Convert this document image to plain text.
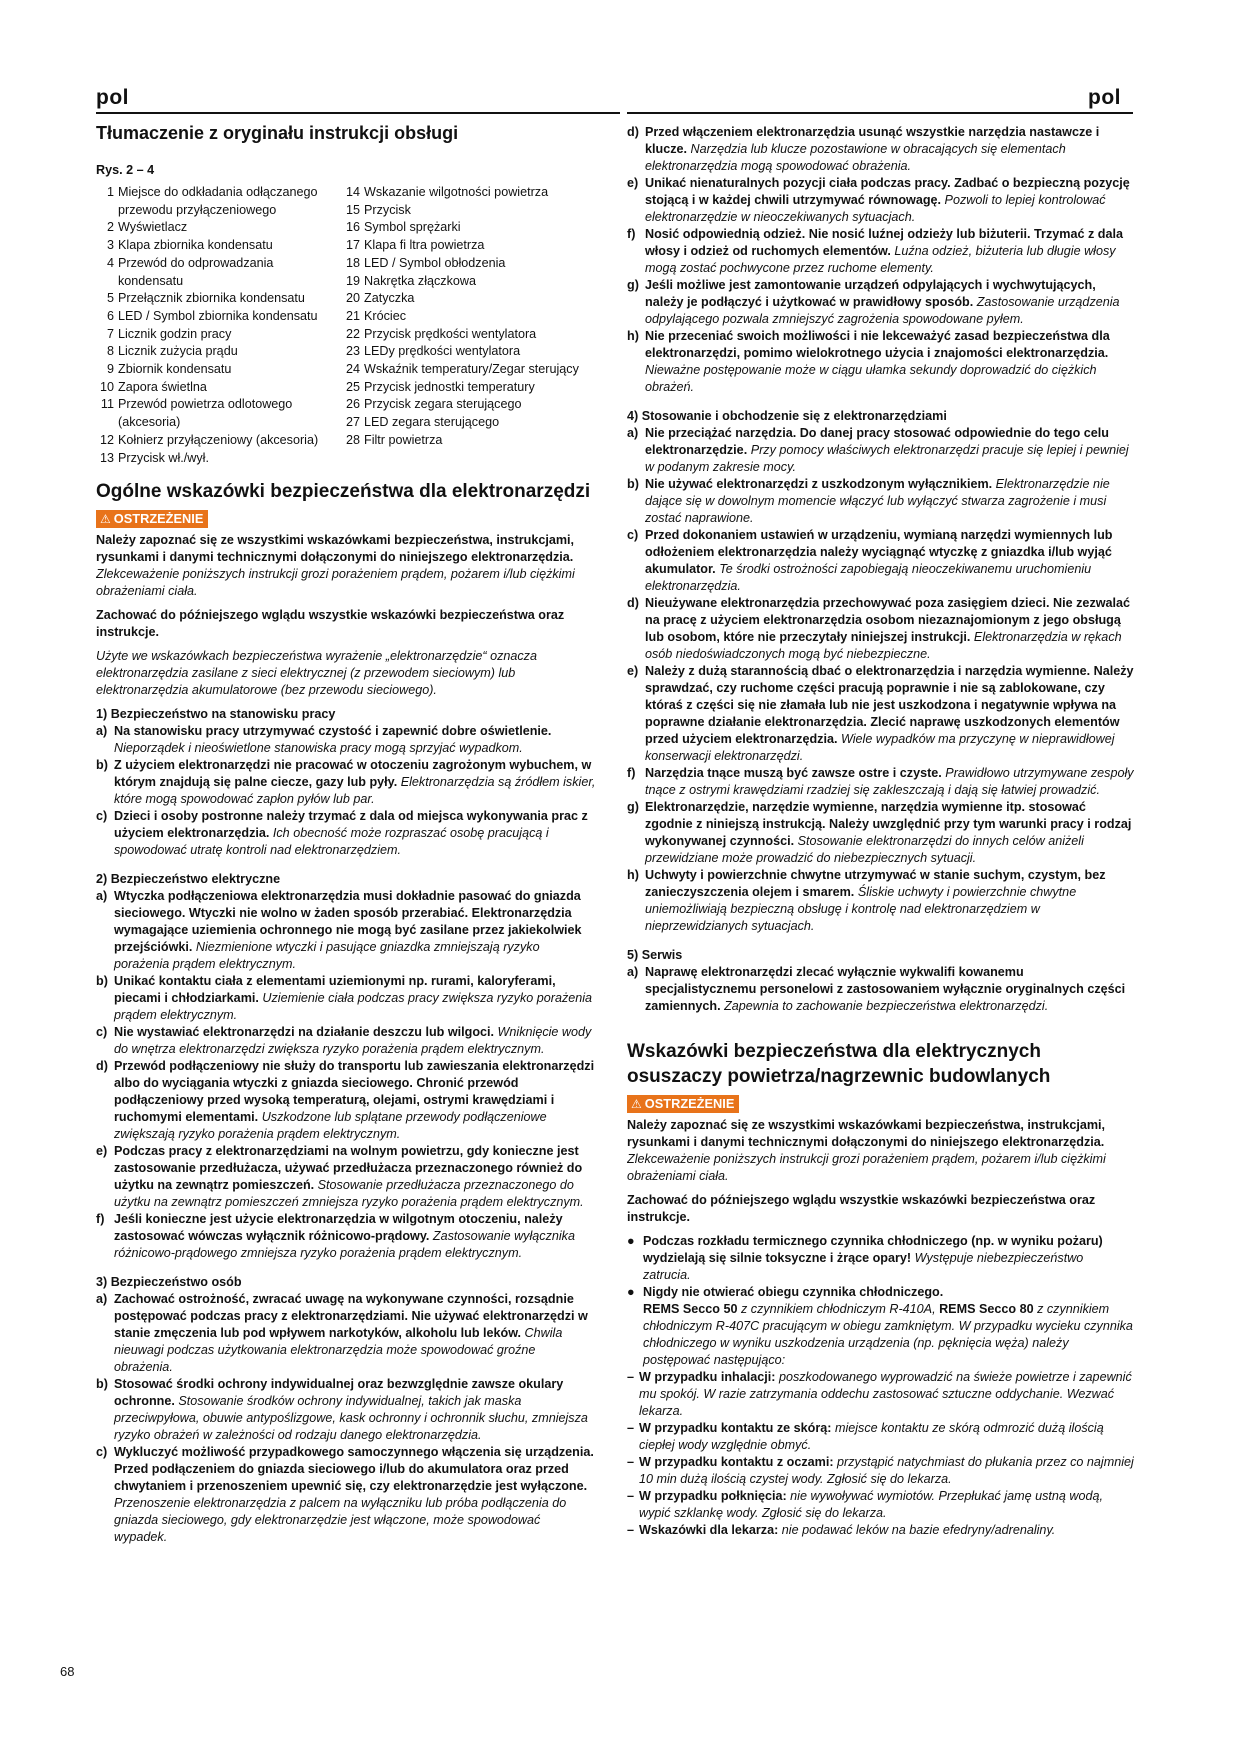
pol	pol
Tłumaczenie z oryginału instrukcji obsługi
Rys. 2 – 4
1 Miejsce do odkładania odłączanego przewodu przyłączeniowego
2 Wyświetlacz
3 Klapa zbiornika kondensatu
4 Przewód do odprowadzania kondensatu
5 Przełącznik zbiornika kondensatu
6 LED / Symbol zbiornika kondensatu
7 Licznik godzin pracy
8 Licznik zużycia prądu
9 Zbiornik kondensatu
10 Zapora świetlna
11 Przewód powietrza odlotowego (akcesoria)
12 Kołnierz przyłączeniowy (akcesoria)
13 Przycisk wł./wył.
14 Wskazanie wilgotności powietrza
15 Przycisk
16 Symbol sprężarki
17 Klapa fi ltra powietrza
18 LED / Symbol obłodzenia
19 Nakrętka złączkowa
20 Zatyczka
21 Króciec
22 Przycisk prędkości wentylatora
23 LEDy prędkości wentylatora
24 Wskaźnik temperatury/Zegar sterujący
25 Przycisk jednostki temperatury
26 Przycisk zegara sterującego
27 LED zegara sterującego
28 Filtr powietrza
Ogólne wskazówki bezpieczeństwa dla elektronarzędzi
⚠ OSTRZEŻENIE
Należy zapoznać się ze wszystkimi wskazówkami bezpieczeństwa, instrukcjami, rysunkami i danymi technicznymi dołączonymi do niniejszego elektronarzędzia.
Zlekceważenie poniższych instrukcji grozi porażeniem prądem, pożarem i/lub ciężkimi obrażeniami ciała.
Zachować do późniejszego wglądu wszystkie wskazówki bezpieczeństwa oraz instrukcje.
Użyte we wskazówkach bezpieczeństwa wyrażenie „elektronarzędzie“ oznacza elektronarzędzia zasilane z sieci elektrycznej (z przewodem sieciowym) lub elektronarzędzia akumulatorowe (bez przewodu sieciowego).
1) Bezpieczeństwo na stanowisku pracy
a) Na stanowisku pracy utrzymywać czystość i zapewnić dobre oświetlenie. Nieporządek i nieoświetlone stanowiska pracy mogą sprzyjać wypadkom.
b) Z użyciem elektronarzędzi nie pracować w otoczeniu zagrożonym wybuchem, w którym znajdują się palne ciecze, gazy lub pyły. Elektronarzędzia są źródłem iskier, które mogą spowodować zapłon pyłów lub par.
c) Dzieci i osoby postronne należy trzymać z dala od miejsca wykonywania prac z użyciem elektronarzędzia. Ich obecność może rozpraszać osobę pracującą i spowodować utratę kontroli nad elektronarzędziem.
2) Bezpieczeństwo elektryczne
a) Wtyczka podłączeniowa elektronarzędzia musi dokładnie pasować do gniazda sieciowego. Wtyczki nie wolno w żaden sposób przerabiać. Elektronarzędzia wymagające uziemienia ochronnego nie mogą być zasilane przez jakiekolwiek przejściówki. Niezmienione wtyczki i pasujące gniazdka zmniejszają ryzyko porażenia prądem elektrycznym.
b) Unikać kontaktu ciała z elementami uziemionymi np. rurami, kaloryferami, piecami i chłodziarkami. Uziemienie ciała podczas pracy zwiększa ryzyko porażenia prądem elektrycznym.
c) Nie wystawiać elektronarzędzi na działanie deszczu lub wilgoci. Wniknięcie wody do wnętrza elektronarzędzi zwiększa ryzyko porażenia prądem elektrycznym.
d) Przewód podłączeniowy nie służy do transportu lub zawieszania elektronarzędzi albo do wyciągania wtyczki z gniazda sieciowego. Chronić przewód podłączeniowy przed wysoką temperaturą, olejami, ostrymi krawędziami i ruchomymi elementami. Uszkodzone lub splątane przewody podłączeniowe zwiększają ryzyko porażenia prądem elektrycznym.
e) Podczas pracy z elektronarzędziami na wolnym powietrzu, gdy konieczne jest zastosowanie przedłużacza, używać przedłużacza przeznaczonego również do użytku na zewnątrz pomieszczeń. Stosowanie przedłużacza przeznaczonego do użytku na zewnątrz pomieszczeń zmniejsza ryzyko porażenia prądem elektrycznym.
f) Jeśli konieczne jest użycie elektronarzędzia w wilgotnym otoczeniu, należy zastosować wówczas wyłącznik różnicowo-prądowy. Zastosowanie wyłącznika różnicowo-prądowego zmniejsza ryzyko porażenia prądem elektrycznym.
3) Bezpieczeństwo osób
a) Zachować ostrożność, zwracać uwagę na wykonywane czynności, rozsądnie postępować podczas pracy z elektronarzędziami. Nie używać elektronarzędzi w stanie zmęczenia lub pod wpływem narkotyków, alkoholu lub leków. Chwila nieuwagi podczas użytkowania elektronarzędzia może spowodować groźne obrażenia.
b) Stosować środki ochrony indywidualnej oraz bezwzględnie zawsze okulary ochronne. Stosowanie środków ochrony indywidualnej, takich jak maska przeciwpyłowa, obuwie antypoślizgowe, kask ochronny i ochronnik słuchu, zmniejsza ryzyko obrażeń w zależności od rodzaju danego elektronarzędzia.
c) Wykluczyć możliwość przypadkowego samoczynnego włączenia się urządzenia. Przed podłączeniem do gniazda sieciowego i/lub do akumulatora oraz przed chwytaniem i przenoszeniem upewnić się, czy elektronarzędzie jest wyłączone. Przenoszenie elektronarzędzia z palcem na wyłączniku lub próba podłączenia do gniazda sieciowego, gdy elektronarzędzie jest włączone, może spowodować wypadek.
d) Przed włączeniem elektronarzędzia usunąć wszystkie narzędzia nastawcze i klucze. Narzędzia lub klucze pozostawione w obracających się elementach elektronarzędzia mogą spowodować obrażenia.
e) Unikać nienaturalnych pozycji ciała podczas pracy. Zadbać o bezpieczną pozycję stojącą i w każdej chwili utrzymywać równowagę. Pozwoli to lepiej kontrolować elektronarzędzie w nieoczekiwanych sytuacjach.
f) Nosić odpowiednią odzież. Nie nosić luźnej odzieży lub biżuterii. Trzymać z dala włosy i odzież od ruchomych elementów. Luźna odzież, biżuteria lub długie włosy mogą zostać pochwycone przez ruchome elementy.
g) Jeśli możliwe jest zamontowanie urządzeń odpylających i wychwytujących, należy je podłączyć i użytkować w prawidłowy sposób. Zastosowanie urządzenia odpylającego pozwala zmniejszyć zagrożenia spowodowane pyłem.
h) Nie przeceniać swoich możliwości i nie lekceważyć zasad bezpieczeństwa dla elektronarzędzi, pomimo wielokrotnego użycia i znajomości elektronarzędzia. Nieważne postępowanie może w ciągu ułamka sekundy doprowadzić do ciężkich obrażeń.
4) Stosowanie i obchodzenie się z elektronarzędziami
a) Nie przeciążać narzędzia. Do danej pracy stosować odpowiednie do tego celu elektronarzędzie. Przy pomocy właściwych elektronarzędzi pracuje się lepiej i pewniej w podanym zakresie mocy.
b) Nie używać elektronarzędzi z uszkodzonym wyłącznikiem. Elektronarzędzie nie dające się w dowolnym momencie włączyć lub wyłączyć stwarza zagrożenie i musi zostać naprawione.
c) Przed dokonaniem ustawień w urządzeniu, wymianą narzędzi wymiennych lub odłożeniem elektronarzędzia należy wyciągnąć wtyczkę z gniazdka i/lub wyjąć akumulator. Te środki ostrożności zapobiegają nieoczekiwanemu uruchomieniu elektronarzędzia.
d) Nieużywane elektronarzędzia przechowywać poza zasięgiem dzieci. Nie zezwalać na pracę z użyciem elektronarzędzia osobom niezaznajomionym z jego obsługą lub osobom, które nie przeczytały niniejszej instrukcji. Elektronarzędzia w rękach osób niedoświadczonych mogą być niebezpieczne.
e) Należy z dużą starannością dbać o elektronarzędzia i narzędzia wymienne. Należy sprawdzać, czy ruchome części pracują poprawnie i nie są zablokowane, czy któraś z części się nie złamała lub nie jest uszkodzona i negatywnie wpływa na poprawne działanie elektronarzędzia. Zlecić naprawę uszkodzonych elementów przed użyciem elektronarzędzia. Wiele wypadków ma przyczynę w nieprawidłowej konserwacji elektronarzędzi.
f) Narzędzia tnące muszą być zawsze ostre i czyste. Prawidłowo utrzymywane zespoły tnące z ostrymi krawędziami rzadziej się zakleszczają i dają się łatwiej prowadzić.
g) Elektronarzędzie, narzędzie wymienne, narzędzia wymienne itp. stosować zgodnie z niniejszą instrukcją. Należy uwzględnić przy tym warunki pracy i rodzaj wykonywanej czynności. Stosowanie elektronarzędzi do innych celów aniżeli przewidziane może prowadzić do niebezpiecznych sytuacji.
h) Uchwyty i powierzchnie chwytne utrzymywać w stanie suchym, czystym, bez zanieczyszczenia olejem i smarem. Śliskie uchwyty i powierzchnie chwytne uniemożliwiają bezpieczną obsługę i kontrolę nad elektronarzędziem w nieprzewidzianych sytuacjach.
5) Serwis
a) Naprawę elektronarzędzi zlecać wyłącznie wykwalifi kowanemu specjalistycznemu personelowi z zastosowaniem wyłącznie oryginalnych części zamiennych. Zapewnia to zachowanie bezpieczeństwa elektronarzędzi.
Wskazówki bezpieczeństwa dla elektrycznych
osuszaczy powietrza/nagrzewnic budowlanych
⚠ OSTRZEŻENIE
Należy zapoznać się ze wszystkimi wskazówkami bezpieczeństwa, instrukcjami, rysunkami i danymi technicznymi dołączonymi do niniejszego elektronarzędzia.
Zlekceważenie poniższych instrukcji grozi porażeniem prądem, pożarem i/lub ciężkimi obrażeniami ciała.
Zachować do późniejszego wglądu wszystkie wskazówki bezpieczeństwa oraz instrukcje.
● Podczas rozkładu termicznego czynnika chłodniczego (np. w wyniku pożaru) wydzielają się silnie toksyczne i żrące opary! Występuje niebezpieczeństwo zatrucia.
● Nigdy nie otwierać obiegu czynnika chłodniczego.
REMS Secco 50 z czynnikiem chłodniczym R-410A, REMS Secco 80 z czynnikiem chłodniczym R-407C pracującym w obiegu zamkniętym. W przypadku wycieku czynnika chłodniczego w wyniku uszkodzenia urządzenia (np. pęknięcia węża) należy postępować następująco:
– W przypadku inhalacji: poszkodowanego wyprowadzić na świeże powietrze i zapewnić mu spokój. W razie zatrzymania oddechu zastosować sztuczne oddychanie. Wezwać lekarza.
– W przypadku kontaktu ze skórą: miejsce kontaktu ze skórą odmrozić dużą ilością ciepłej wody względnie obmyć.
– W przypadku kontaktu z oczami: przystąpić natychmiast do płukania przez co najmniej 10 min dużą ilością czystej wody. Zgłosić się do lekarza.
– W przypadku połknięcia: nie wywoływać wymiotów. Przepłukać jamę ustną wodą, wypić szklankę wody. Zgłosić się do lekarza.
– Wskazówki dla lekarza: nie podawać leków na bazie efedryny/adrenaliny.
68
